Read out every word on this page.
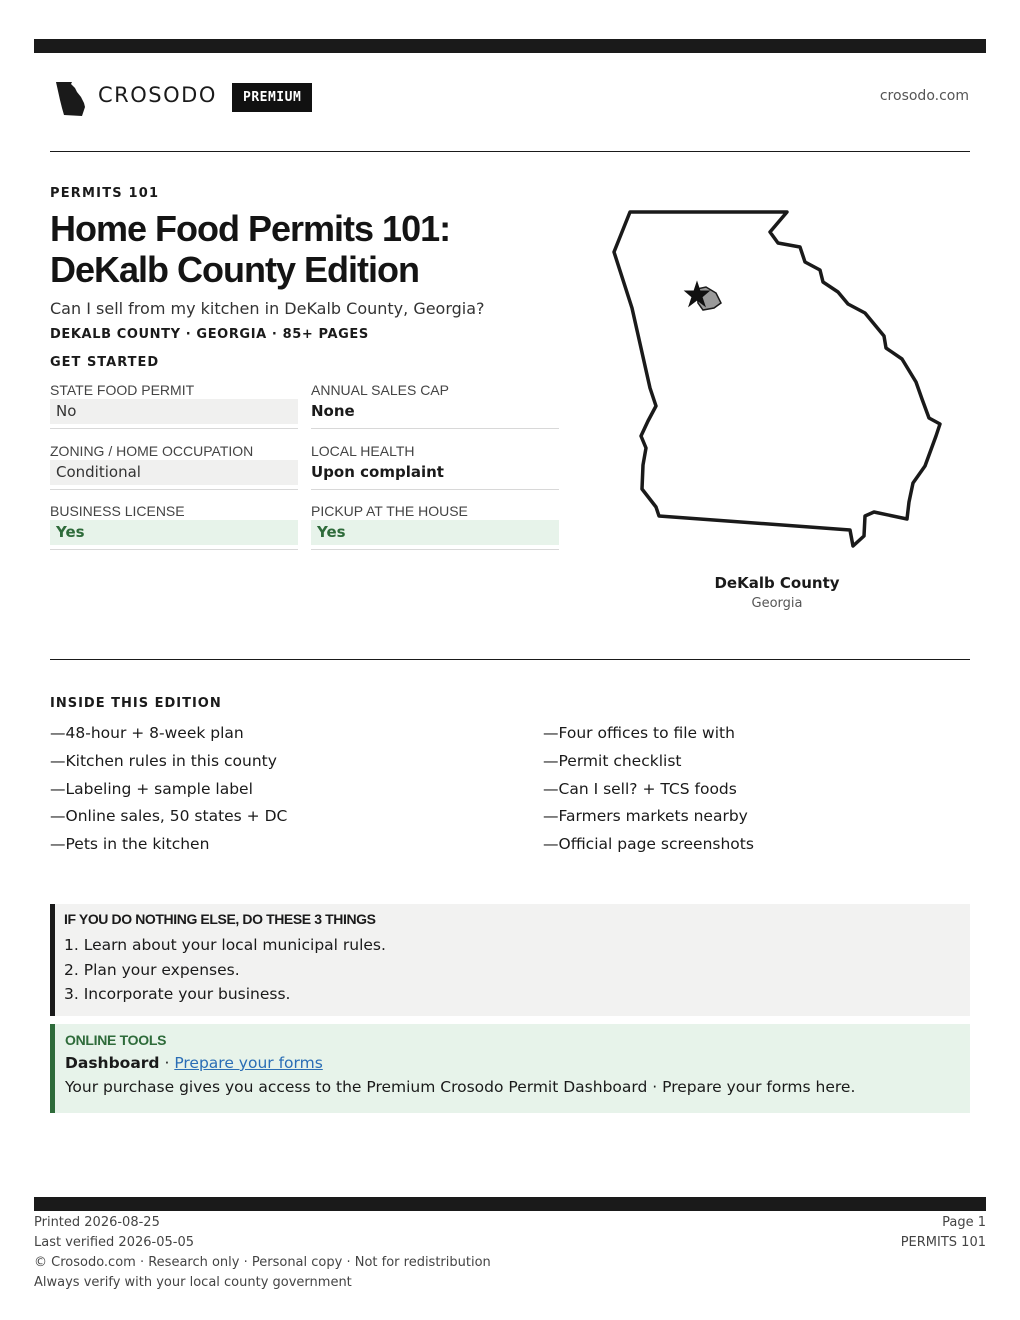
CROSODO	PREMIUM	crosodo.com
PERMITS 101
Home Food Permits 101: DeKalb County Edition
Can I sell from my kitchen in DeKalb County, Georgia?
DEKALB COUNTY · GEORGIA · 85+ PAGES
GET STARTED
STATE FOOD PERMIT
No
ANNUAL SALES CAP
None
ZONING / HOME OCCUPATION
Conditional
LOCAL HEALTH
Upon complaint
BUSINESS LICENSE
Yes
PICKUP AT THE HOUSE
Yes
DeKalb County
Georgia
INSIDE THIS EDITION
—48-hour + 8-week plan
—Kitchen rules in this county
—Labeling + sample label
—Online sales, 50 states + DC
—Pets in the kitchen
—Four offices to file with
—Permit checklist
—Can I sell? + TCS foods
—Farmers markets nearby
—Official page screenshots
IF YOU DO NOTHING ELSE, DO THESE 3 THINGS
1. Learn about your local municipal rules.
2. Plan your expenses.
3. Incorporate your business.
ONLINE TOOLS
Dashboard · Prepare your forms
Your purchase gives you access to the Premium Crosodo Permit Dashboard · Prepare your forms here.
Printed 2026-08-25
Last verified 2026-05-05
© Crosodo.com · Research only · Personal copy · Not for redistribution
Always verify with your local county government
Page 1
PERMITS 101
